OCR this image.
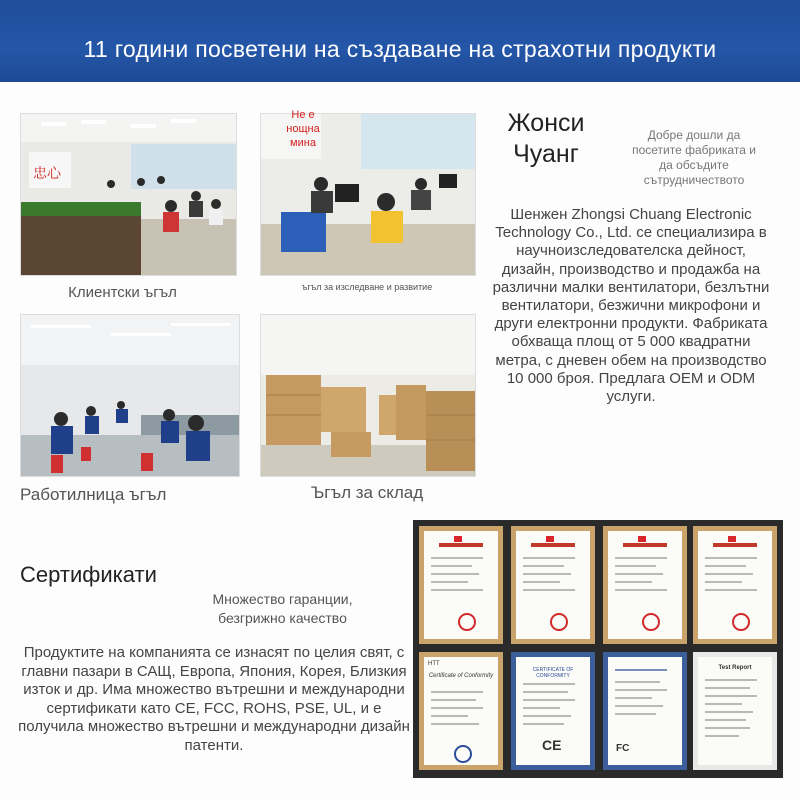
11 години посветени на създаване на страхотни продукти
忠心
Клиентски ъгъл
Не е нощна мина
ъгъл за изследване и развитие
Работилница ъгъл	Ъгъл за склад
Жонси Чуанг
Добре дошли да посетите фабриката и да обсъдите сътрудничеството
Шенжен Zhongsi Chuang Electronic Technology Co., Ltd. се специализира в научноизследователска дейност, дизайн, производство и продажба на различни малки вентилатори, безлътни вентилатори, безжични микрофони и други електронни продукти. Фабриката обхваща площ от 5 000 квадратни метра, с дневен обем на производство 10 000 броя. Предлага OEM и ODM услуги.
Сертификати
Множество гаранции, безгрижно качество
Продуктите на компанията се изнасят по целия свят, с главни пазари в САЩ, Европа, Япония, Корея, Близкия изток и др. Има множество вътрешни и международни сертификати като CE, FCC, ROHS, PSE, UL, и е получила множество вътрешни и международни дизайн патенти.
HTT
Certificate of Conformity
CERTIFICATE OF CONFORMITY
CE	FC
Test Report
